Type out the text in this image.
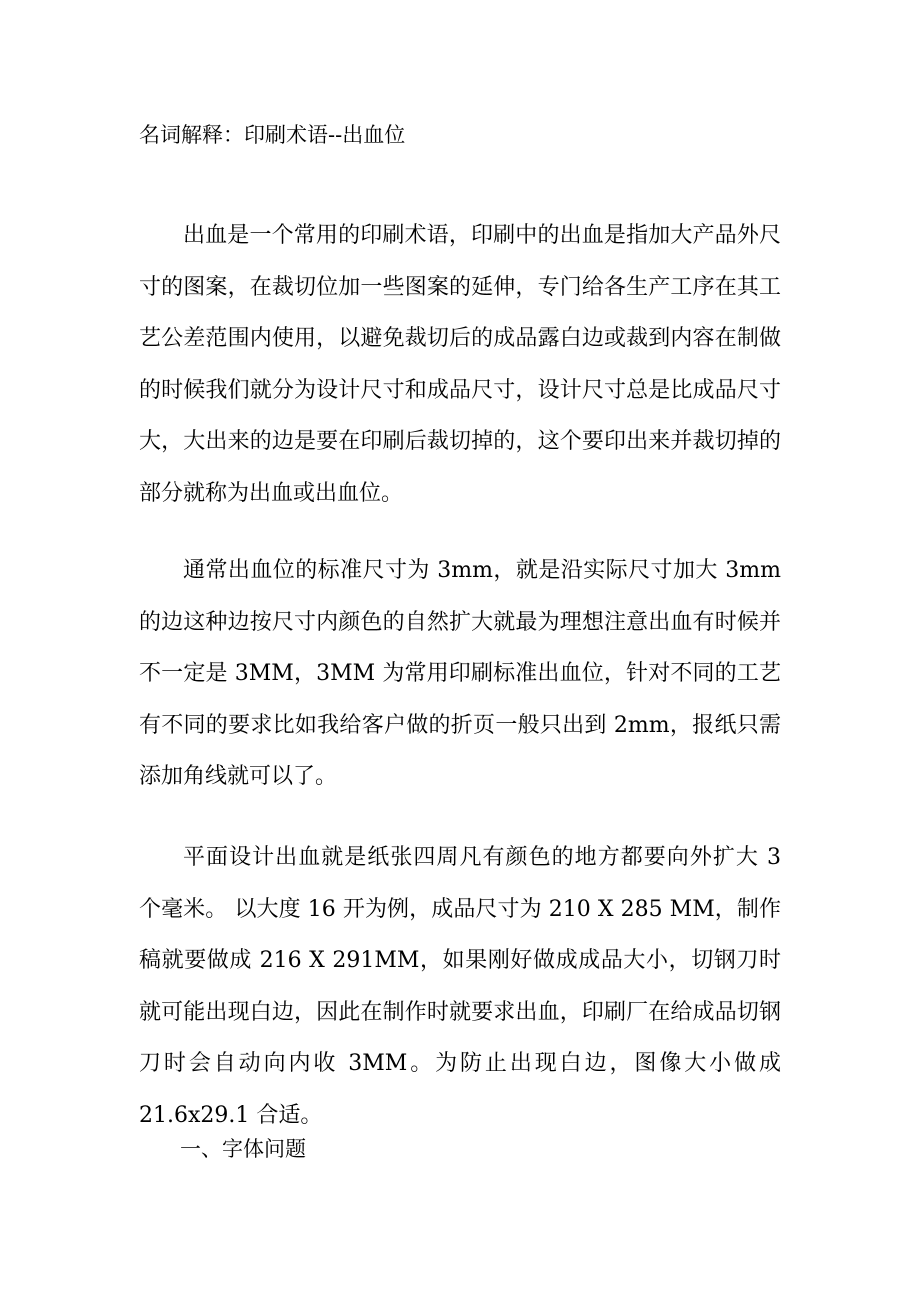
名词解释：印刷术语--出血位

出血是一个常用的印刷术语，印刷中的出血是指加大产品外尺寸的图案，在裁切位加一些图案的延伸，专门给各生产工序在其工艺公差范围内使用，以避免裁切后的成品露白边或裁到内容在制做的时候我们就分为设计尺寸和成品尺寸，设计尺寸总是比成品尺寸大，大出来的边是要在印刷后裁切掉的，这个要印出来并裁切掉的部分就称为出血或出血位。

通常出血位的标准尺寸为 3mm，就是沿实际尺寸加大 3mm 的边这种边按尺寸内颜色的自然扩大就最为理想注意出血有时候并不一定是 3MM，3MM 为常用印刷标准出血位，针对不同的工艺有不同的要求比如我给客户做的折页一般只出到 2mm，报纸只需添加角线就可以了。

平面设计出血就是纸张四周凡有颜色的地方都要向外扩大 3 个毫米。 以大度 16 开为例，成品尺寸为 210 X 285 MM，制作稿就要做成 216 X 291MM，如果刚好做成成品大小，切钢刀时就可能出现白边，因此在制作时就要求出血，印刷厂在给成品切钢刀时会自动向内收 3MM。为防止出现白边，图像大小做成 21.6x29.1 合适。

一、字体问题
